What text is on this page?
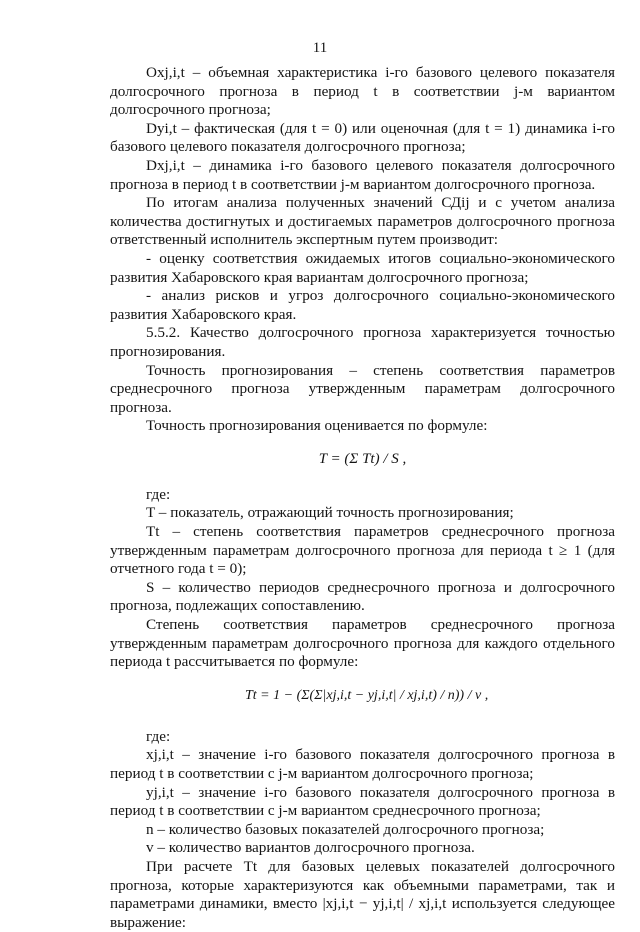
11

Oxj,i,t – объемная характеристика i-го базового целевого показателя долгосрочного прогноза в период t в соответствии j-м вариантом долгосрочного прогноза;

Dyi,t – фактическая (для t = 0) или оценочная (для t = 1) динамика i-го базового целевого показателя долгосрочного прогноза;

Dxj,i,t – динамика i-го базового целевого показателя долгосрочного прогноза в период t в соответствии j-м вариантом долгосрочного прогноза.

По итогам анализа полученных значений СДij и с учетом анализа количества достигнутых и достигаемых параметров долгосрочного прогноза ответственный исполнитель экспертным путем производит:

- оценку соответствия ожидаемых итогов социально-экономического развития Хабаровского края вариантам долгосрочного прогноза;

- анализ рисков и угроз долгосрочного социально-экономического развития Хабаровского края.

5.5.2. Качество долгосрочного прогноза характеризуется точностью прогнозирования.

Точность прогнозирования – степень соответствия параметров среднесрочного прогноза утвержденным параметрам долгосрочного прогноза.

Точность прогнозирования оценивается по формуле:

T = (Σ Tt) / S ,

где:

T – показатель, отражающий точность прогнозирования;

Tt – степень соответствия параметров среднесрочного прогноза утвержденным параметрам долгосрочного прогноза для периода t ≥ 1 (для отчетного года t = 0);

S – количество периодов среднесрочного прогноза и долгосрочного прогноза, подлежащих сопоставлению.

Степень соответствия параметров среднесрочного прогноза утвержденным параметрам долгосрочного прогноза для каждого отдельного периода t рассчитывается по формуле:

Tt = 1 − (Σ(Σ|xj,i,t − yj,i,t| / xj,i,t) / n)) / v ,

где:

xj,i,t – значение i-го базового показателя долгосрочного прогноза в период t в соответствии с j-м вариантом долгосрочного прогноза;

yj,i,t – значение i-го базового показателя долгосрочного прогноза в период t в соответствии с j-м вариантом среднесрочного прогноза;

n – количество базовых показателей долгосрочного прогноза;

v – количество вариантов долгосрочного прогноза.

При расчете Tt для базовых целевых показателей долгосрочного прогноза, которые характеризуются как объемными параметрами, так и параметрами динамики, вместо |xj,i,t − yj,i,t| / xj,i,t используется следующее выражение:
